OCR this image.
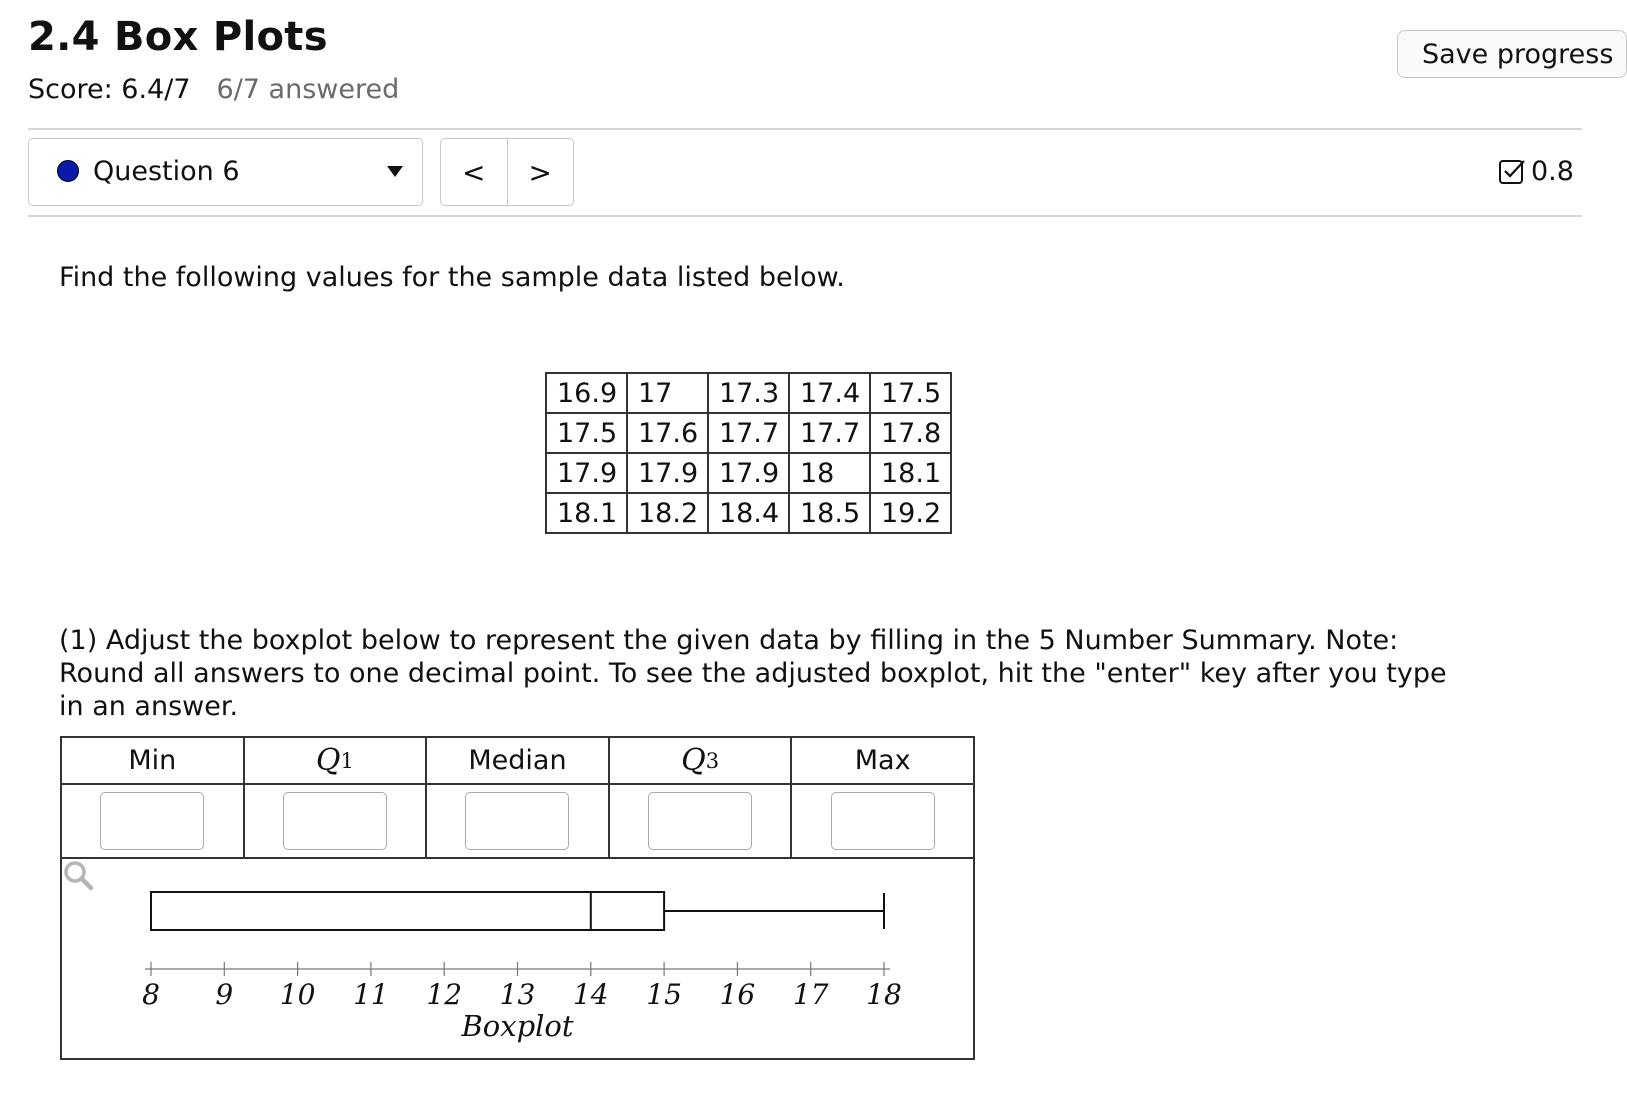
2.4 Box Plots
Score: 6.4/7 6/7 answered
Save progress
Question 6	<	>	0.8
Find the following values for the sample data listed below.
16.9	17	17.3	17.4	17.5
17.5	17.6	17.7	17.7	17.8
17.9	17.9	17.9	18	18.1
18.1	18.2	18.4	18.5	19.2
(1) Adjust the boxplot below to represent the given data by filling in the 5 Number Summary. Note: Round all answers to one decimal point. To see the adjusted boxplot, hit the "enter" key after you type in an answer.
Min	Q 1	Median	Q 3	Max
8 9 10 11 12 13 14 15 16 17 18
Boxplot
